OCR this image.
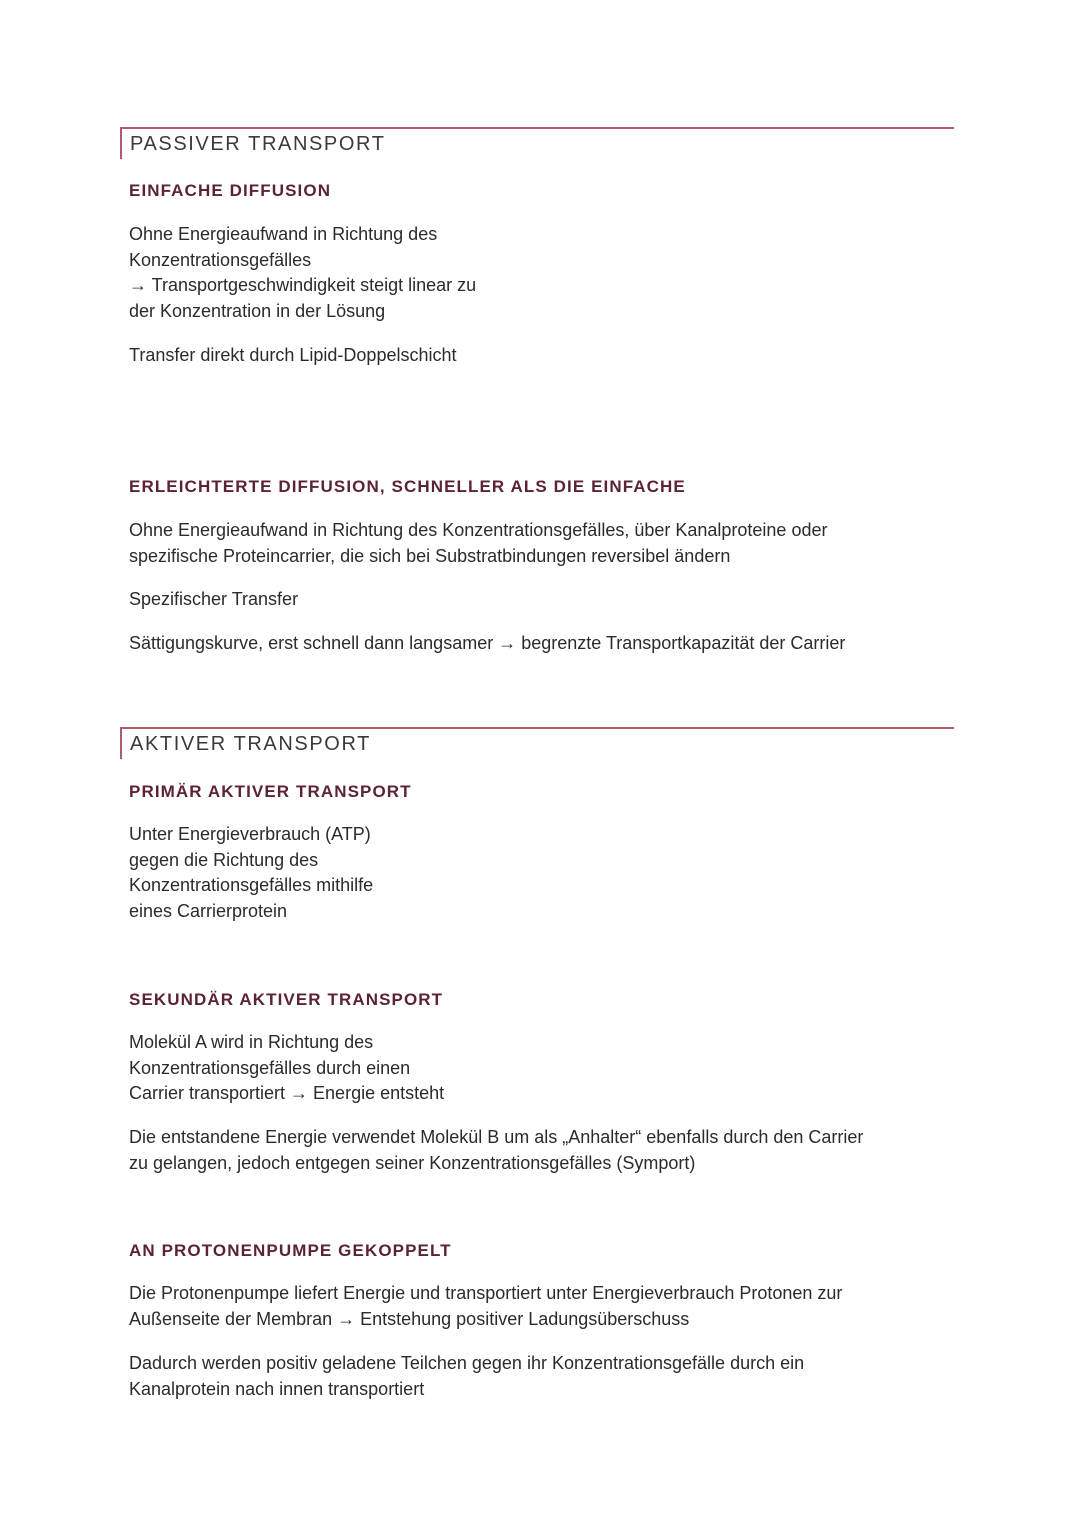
PASSIVER TRANSPORT
EINFACHE DIFFUSION

Ohne Energieaufwand in Richtung des
Konzentrationsgefälles
→ Transportgeschwindigkeit steigt linear zu
der Konzentration in der Lösung

Transfer direkt durch Lipid-Doppelschicht

ERLEICHTERTE DIFFUSION, SCHNELLER ALS DIE EINFACHE

Ohne Energieaufwand in Richtung des Konzentrationsgefälles, über Kanalproteine oder
spezifische Proteincarrier, die sich bei Substratbindungen reversibel ändern

Spezifischer Transfer

Sättigungskurve, erst schnell dann langsamer → begrenzte Transportkapazität der Carrier

AKTIVER TRANSPORT
PRIMÄR AKTIVER TRANSPORT

Unter Energieverbrauch (ATP)
gegen die Richtung des
Konzentrationsgefälles mithilfe
eines Carrierprotein

SEKUNDÄR AKTIVER TRANSPORT

Molekül A wird in Richtung des
Konzentrationsgefälles durch einen
Carrier transportiert → Energie entsteht

Die entstandene Energie verwendet Molekül B um als „Anhalter“ ebenfalls durch den Carrier
zu gelangen, jedoch entgegen seiner Konzentrationsgefälles (Symport)

AN PROTONENPUMPE GEKOPPELT

Die Protonenpumpe liefert Energie und transportiert unter Energieverbrauch Protonen zur
Außenseite der Membran → Entstehung positiver Ladungsüberschuss

Dadurch werden positiv geladene Teilchen gegen ihr Konzentrationsgefälle durch ein
Kanalprotein nach innen transportiert
